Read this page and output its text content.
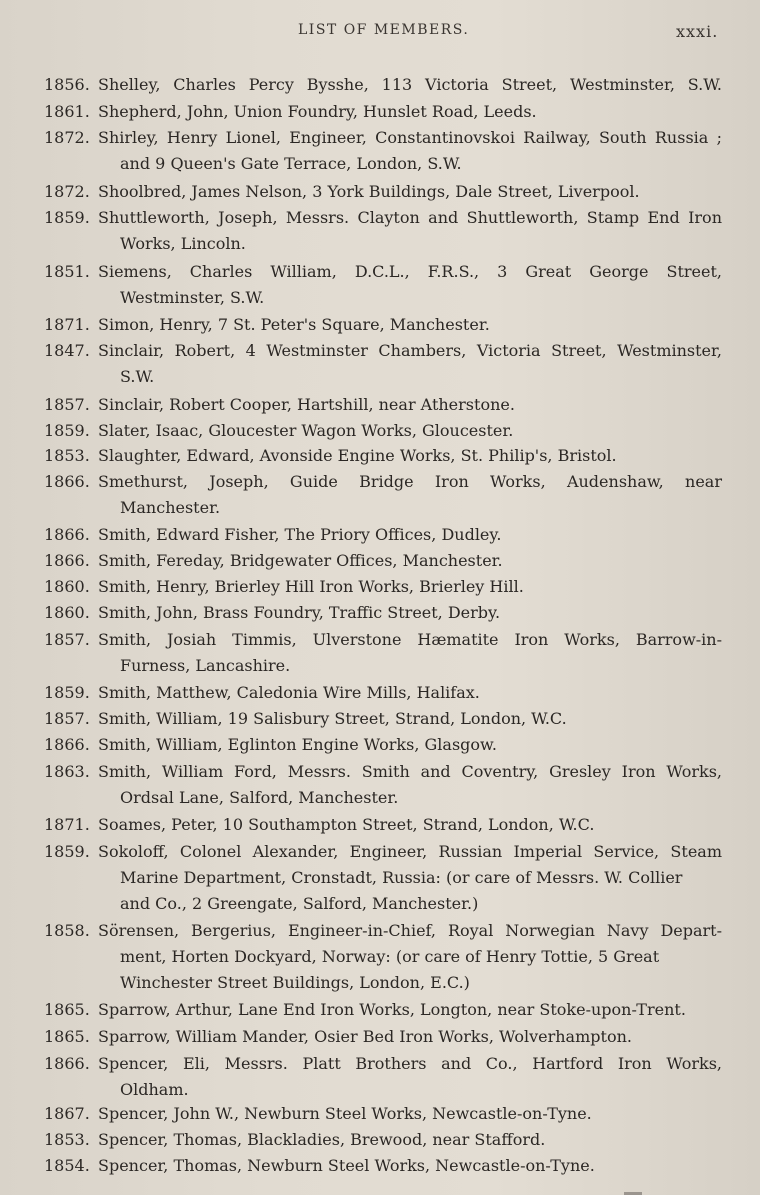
LIST OF MEMBERS.	xxxi.
1856. Shelley, Charles Percy Bysshe, 113 Victoria Street, Westminster, S.W.
1861. Shepherd, John, Union Foundry, Hunslet Road, Leeds.
1872. Shirley, Henry Lionel, Engineer, Constantinovskoi Railway, South Russia ;
and 9 Queen's Gate Terrace, London, S.W.
1872. Shoolbred, James Nelson, 3 York Buildings, Dale Street, Liverpool.
1859. Shuttleworth, Joseph, Messrs. Clayton and Shuttleworth, Stamp End Iron
Works, Lincoln.
1851. Siemens, Charles William, D.C.L., F.R.S., 3 Great George Street,
Westminster, S.W.
1871. Simon, Henry, 7 St. Peter's Square, Manchester.
1847. Sinclair, Robert, 4 Westminster Chambers, Victoria Street, Westminster,
S.W.
1857. Sinclair, Robert Cooper, Hartshill, near Atherstone.
1859. Slater, Isaac, Gloucester Wagon Works, Gloucester.
1853. Slaughter, Edward, Avonside Engine Works, St. Philip's, Bristol.
1866. Smethurst, Joseph, Guide Bridge Iron Works, Audenshaw, near
Manchester.
1866. Smith, Edward Fisher, The Priory Offices, Dudley.
1866. Smith, Fereday, Bridgewater Offices, Manchester.
1860. Smith, Henry, Brierley Hill Iron Works, Brierley Hill.
1860. Smith, John, Brass Foundry, Traffic Street, Derby.
1857. Smith, Josiah Timmis, Ulverstone Hæmatite Iron Works, Barrow-in-
Furness, Lancashire.
1859. Smith, Matthew, Caledonia Wire Mills, Halifax.
1857. Smith, William, 19 Salisbury Street, Strand, London, W.C.
1866. Smith, William, Eglinton Engine Works, Glasgow.
1863. Smith, William Ford, Messrs. Smith and Coventry, Gresley Iron Works,
Ordsal Lane, Salford, Manchester.
1871. Soames, Peter, 10 Southampton Street, Strand, London, W.C.
1859. Sokoloff, Colonel Alexander, Engineer, Russian Imperial Service, Steam
Marine Department, Cronstadt, Russia: (or care of Messrs. W. Collier
and Co., 2 Greengate, Salford, Manchester.)
1858. Sörensen, Bergerius, Engineer-in-Chief, Royal Norwegian Navy Depart-
ment, Horten Dockyard, Norway: (or care of Henry Tottie, 5 Great
Winchester Street Buildings, London, E.C.)
1865. Sparrow, Arthur, Lane End Iron Works, Longton, near Stoke-upon-Trent.
1865. Sparrow, William Mander, Osier Bed Iron Works, Wolverhampton.
1866. Spencer, Eli, Messrs. Platt Brothers and Co., Hartford Iron Works,
Oldham.
1867. Spencer, John W., Newburn Steel Works, Newcastle-on-Tyne.
1853. Spencer, Thomas, Blackladies, Brewood, near Stafford.
1854. Spencer, Thomas, Newburn Steel Works, Newcastle-on-Tyne.
